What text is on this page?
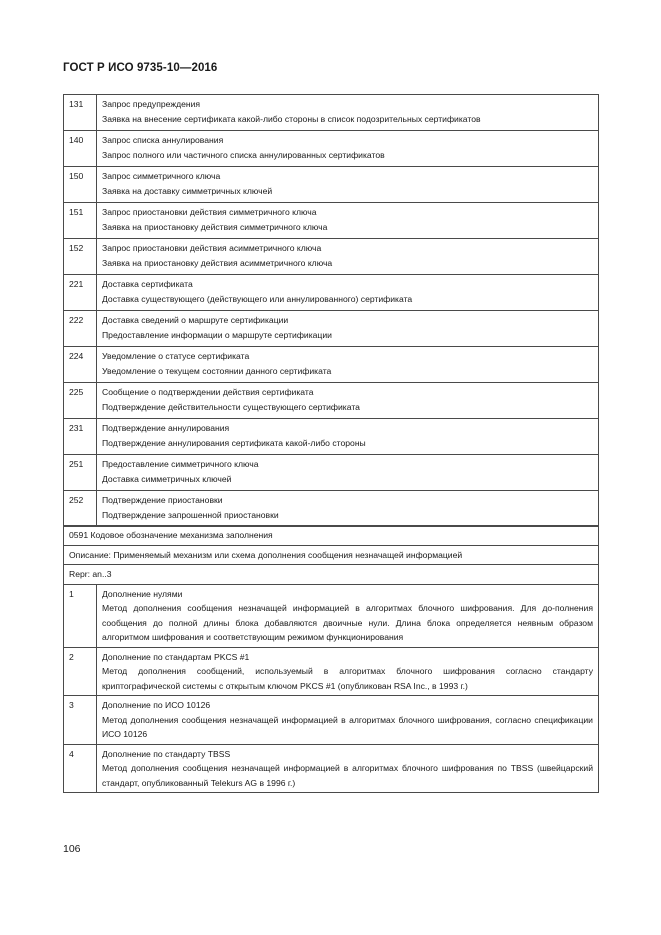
ГОСТ Р ИСО 9735-10—2016
131	Запрос предупреждения
Заявка на внесение сертификата какой-либо стороны в список подозрительных сертификатов

140	Запрос списка аннулирования
Запрос полного или частичного списка аннулированных сертификатов

150	Запрос симметричного ключа
Заявка на доставку симметричных ключей

151	Запрос приостановки действия симметричного ключа
Заявка на приостановку действия симметричного ключа

152	Запрос приостановки действия асимметричного ключа
Заявка на приостановку действия асимметричного ключа

221	Доставка сертификата
Доставка существующего (действующего или аннулированного) сертификата

222	Доставка сведений о маршруте сертификации
Предоставление информации о маршруте сертификации

224	Уведомление о статусе сертификата
Уведомление о текущем состоянии данного сертификата

225	Сообщение о подтверждении действия сертификата
Подтверждение действительности существующего сертификата

231	Подтверждение аннулирования
Подтверждение аннулирования сертификата какой-либо стороны

251	Предоставление симметричного ключа
Доставка симметричных ключей

252	Подтверждение приостановки
Подтверждение запрошенной приостановки
0591 Кодовое обозначение механизма заполнения	
Описание: Применяемый механизм или схема дополнения сообщения незначащей информацией	
Repr: an..3	
1	Дополнение нулями
Метод дополнения сообщения незначащей информацией в алгоритмах блочного шифрования. Для до-полнения сообщения до полной длины блока добавляются двоичные нули. Длина блока определяется неявным образом алгоритмом шифрования и соответствующим режимом функционирования

2	Дополнение по стандартам PKCS #1
Метод дополнения сообщений, используемый в алгоритмах блочного шифрования согласно стандарту криптографической системы с открытым ключом PKCS #1 (опубликован RSA Inc., в 1993 г.)

3	Дополнение по ИСО 10126
Метод дополнения сообщения незначащей информацией в алгоритмах блочного шифрования, согласно спецификации ИСО 10126

4	Дополнение по стандарту TBSS
Метод дополнения сообщения незначащей информацией в алгоритмах блочного шифрования по TBSS (швейцарский стандарт, опубликованный Telekurs AG в 1996 г.)
106
